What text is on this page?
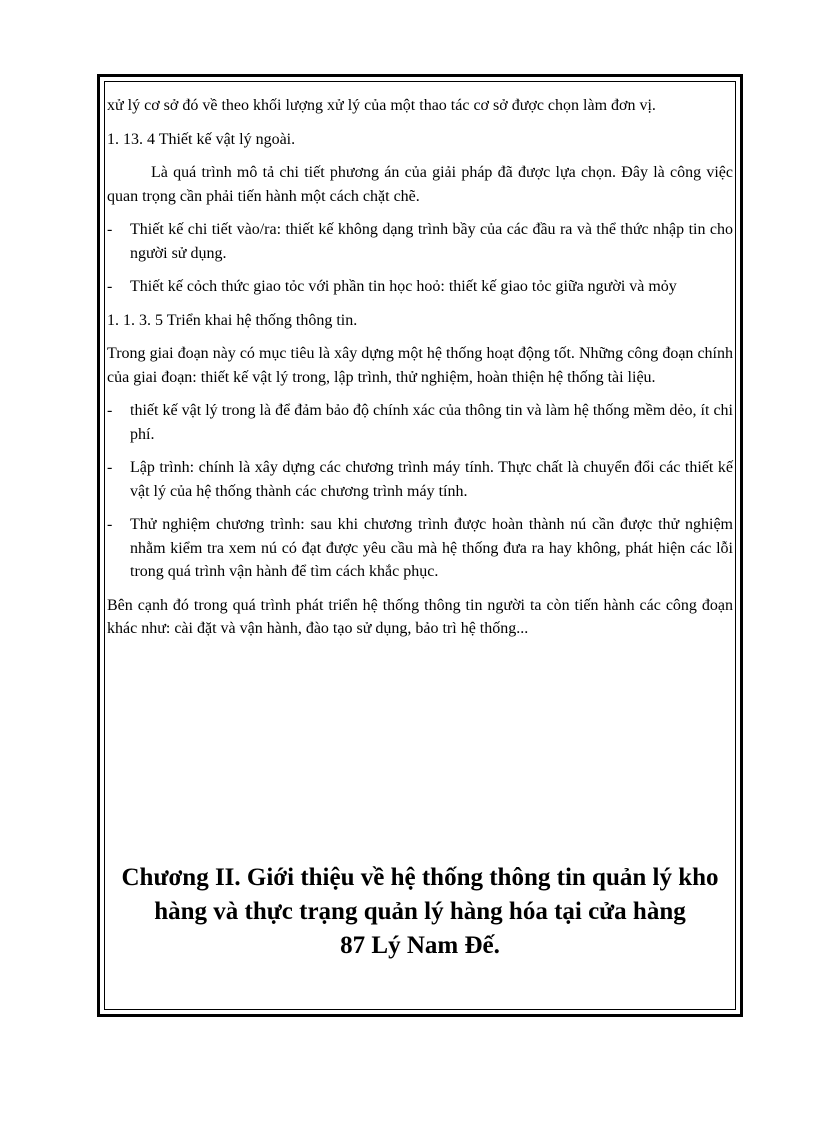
xử lý cơ sở đó về theo khối lượng xử lý của một thao tác cơ sở được chọn làm đơn vị.

1. 13. 4 Thiết kế vật lý ngoài.

Là quá trình mô tả chi tiết phương án của giải pháp đã được lựa chọn. Đây là công việc quan trọng cần phải tiến hành một cách chặt chẽ.

- Thiết kế chi tiết vào/ra: thiết kế không dạng trình bầy của các đầu ra và thể thức nhập tin cho người sử dụng.
- Thiết kế cỏch thức giao tỏc với phần tin học hoỏ: thiết kế giao tỏc giữa người và mỏy

1. 1. 3. 5 Triển khai hệ thống thông tin.

Trong giai đoạn này có mục tiêu là xây dựng một hệ thống hoạt động tốt. Những công đoạn chính của giai đoạn: thiết kế vật lý trong, lập trình, thử nghiệm, hoàn thiện hệ thống tài liệu.

- thiết kế vật lý trong là để đảm bảo độ chính xác của thông tin và làm hệ thống mềm dẻo, ít chi phí.
- Lập trình: chính là xây dựng các chương trình máy tính. Thực chất là chuyển đổi các thiết kế vật lý của hệ thống thành các chương trình máy tính.
- Thử nghiệm chương trình: sau khi chương trình được hoàn thành nú cần được thử nghiệm nhằm kiểm tra xem nú có đạt được yêu cầu mà hệ thống đưa ra hay không, phát hiện các lỗi trong quá trình vận hành để tìm cách khắc phục.

Bên cạnh đó trong quá trình phát triển hệ thống thông tin người ta còn tiến hành các công đoạn khác như: cài đặt và vận hành, đào tạo sử dụng, bảo trì hệ thống...

Chương II. Giới thiệu về hệ thống thông tin quản lý kho
hàng và thực trạng quản lý hàng hóa tại cửa hàng
87 Lý Nam Đế.
